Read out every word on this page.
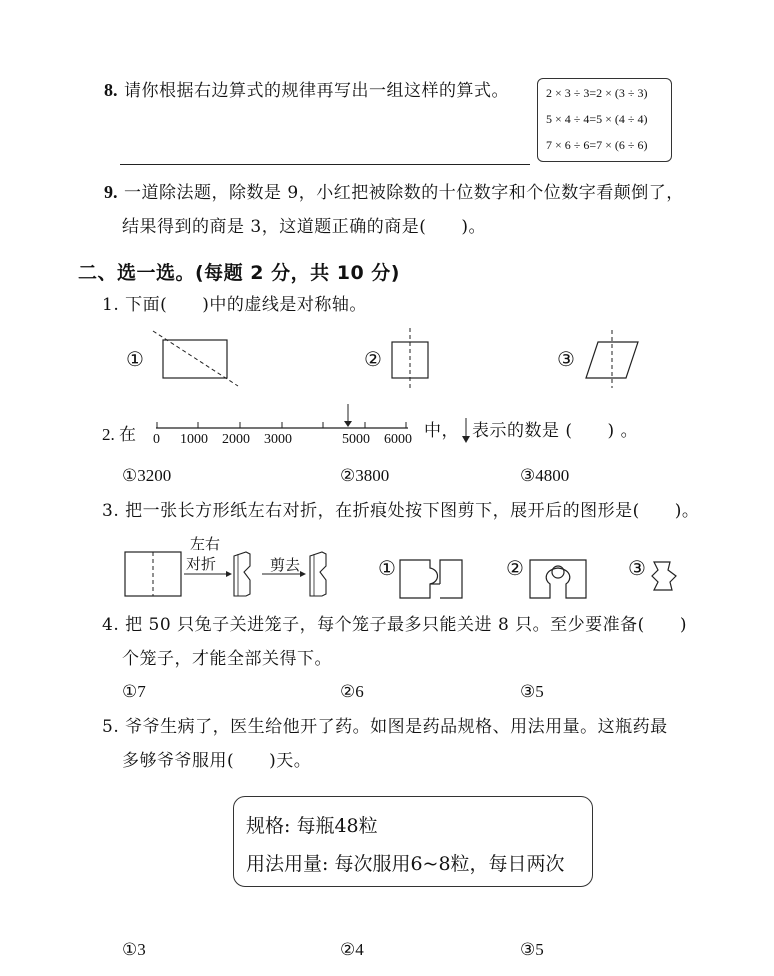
8. 请你根据右边算式的规律再写出一组这样的算式。	2 × 3 ÷ 3=2 × (3 ÷ 3)
5 × 4 ÷ 4=5 × (4 ÷ 4)
7 × 6 ÷ 6=7 × (6 ÷ 6)
9. 一道除法题，除数是 9，小红把被除数的十位数字和个位数字看颠倒了，
结果得到的商是 3，这道题正确的商是(　　)。
二、选一选。(每题 2 分，共 10 分)
1. 下面(　　)中的虚线是对称轴。
①	②	③
2. 在 0 1000 2000 3000	5000 6000 中， 表示的数是 (　　) 。
①3200	②3800	③4800
3. 把一张长方形纸左右对折，在折痕处按下图剪下，展开后的图形是(　　)。
左右
对折	剪去	①	②	③
4. 把 50 只兔子关进笼子，每个笼子最多只能关进 8 只。至少要准备(　　)
个笼子，才能全部关得下。
①7	②6	③5
5. 爷爷生病了，医生给他开了药。如图是药品规格、用法用量。这瓶药最
多够爷爷服用(　　)天。
规格: 每瓶48粒
用法用量: 每次服用6~8粒，每日两次
①3	②4	③5
